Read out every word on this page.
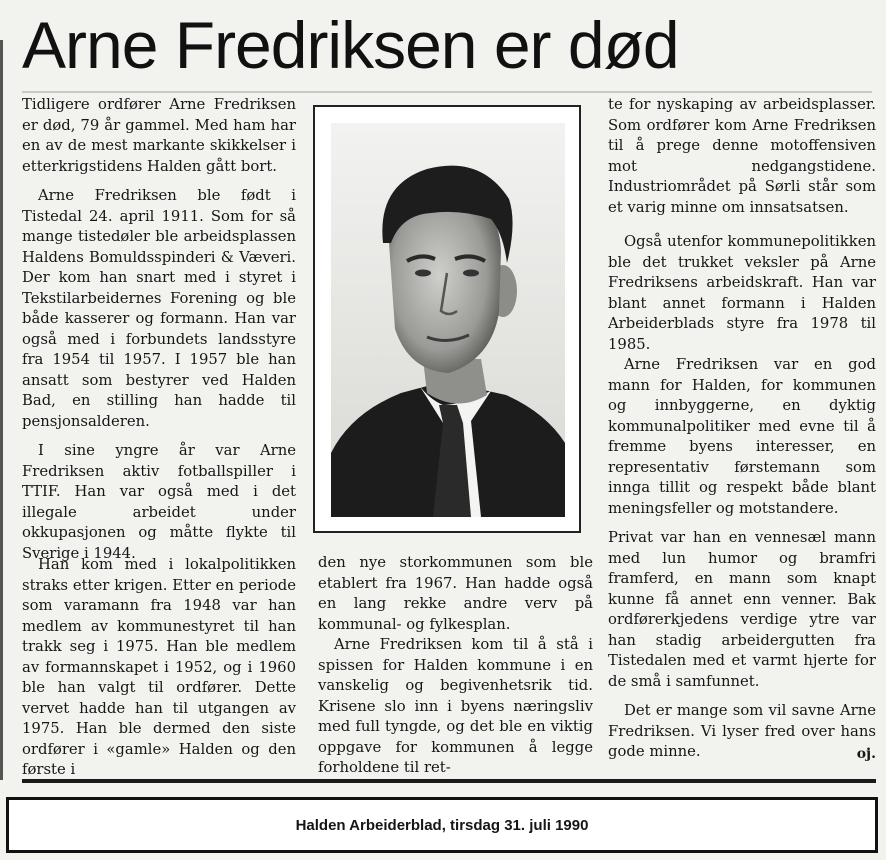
Arne Fredriksen er død

Tidligere ordfører Arne Fredriksen er død, 79 år gammel. Med ham har en av de mest markante skikkelser i etterkrigstidens Halden gått bort.

Arne Fredriksen ble født i Tistedal 24. april 1911. Som for så mange tistedøler ble arbeidsplassen Haldens Bomuldsspinderi & Væveri. Der kom han snart med i styret i Tekstilarbeidernes Forening og ble både kasserer og formann. Han var også med i forbundets landsstyre fra 1954 til 1957. I 1957 ble han ansatt som bestyrer ved Halden Bad, en stilling han hadde til pensjonsalderen.

I sine yngre år var Arne Fredriksen aktiv fotballspiller i TTIF. Han var også med i det illegale arbeidet under okkupasjonen og måtte flykte til Sverige i 1944.

Han kom med i lokalpolitikken straks etter krigen. Etter en periode som varamann fra 1948 var han medlem av kommunestyret til han trakk seg i 1975. Han ble medlem av formannskapet i 1952, og i 1960 ble han valgt til ordfører. Dette vervet hadde han til utgangen av 1975. Han ble dermed den siste ordfører i «gamle» Halden og den første i

den nye storkommunen som ble etablert fra 1967. Han hadde også en lang rekke andre verv på kommunal- og fylkesplan.

Arne Fredriksen kom til å stå i spissen for Halden kommune i en vanskelig og begivenhetsrik tid. Krisene slo inn i byens næringsliv med full tyngde, og det ble en viktig oppgave for kommunen å legge forholdene til ret-

te for nyskaping av arbeidsplasser. Som ordfører kom Arne Fredriksen til å prege denne motoffensiven mot nedgangstidene. Industriområdet på Sørli står som et varig minne om innsatsatsen.

Også utenfor kommunepolitikken ble det trukket veksler på Arne Fredriksens arbeidskraft. Han var blant annet formann i Halden Arbeiderblads styre fra 1978 til 1985.

Arne Fredriksen var en god mann for Halden, for kommunen og innbyggerne, en dyktig kommunalpolitiker med evne til å fremme byens interesser, en representativ førstemann som innga tillit og respekt både blant meningsfeller og motstandere.

Privat var han en vennesæl mann med lun humor og bramfri framferd, en mann som knapt kunne få annet enn venner. Bak ordførerkjedens verdige ytre var han stadig arbeidergutten fra Tistedalen med et varmt hjerte for de små i samfunnet.

Det er mange som vil savne Arne Fredriksen. Vi lyser fred over hans gode minne.	oj.
Halden Arbeiderblad, tirsdag 31. juli 1990
